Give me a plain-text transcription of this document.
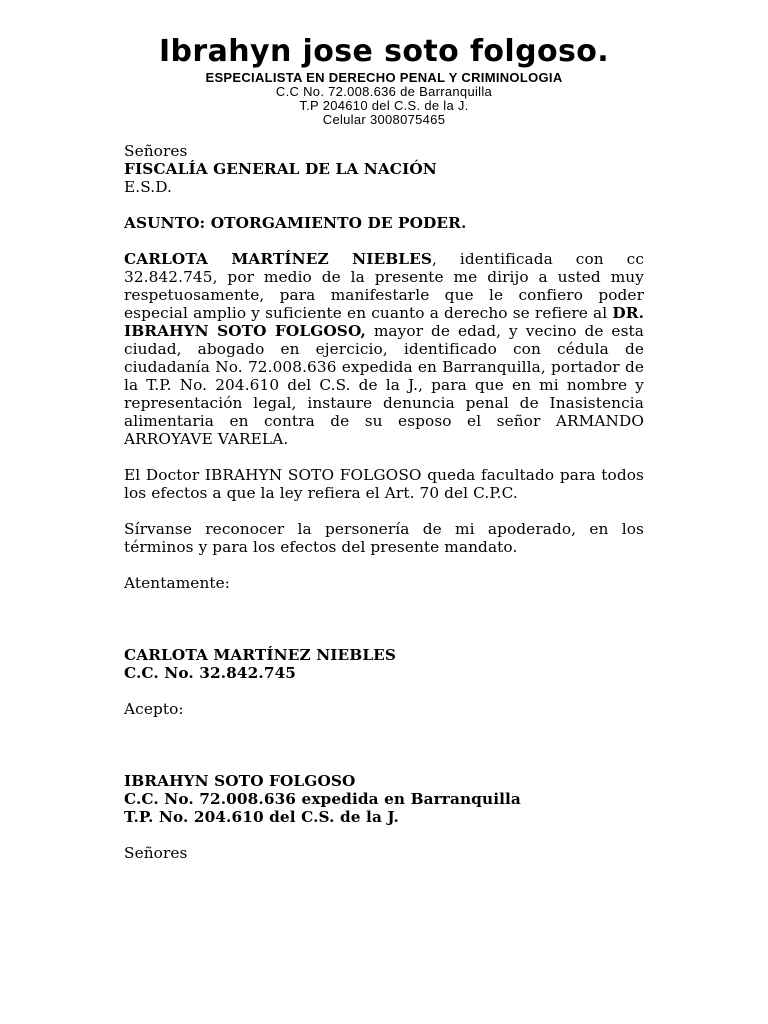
Ibrahyn jose soto folgoso.
ESPECIALISTA EN DERECHO PENAL Y CRIMINOLOGIA
C.C No. 72.008.636 de Barranquilla
T.P 204610 del C.S. de la J.
Celular 3008075465

Señores

FISCALÍA GENERAL DE LA NACIÓN

E.S.D.

ASUNTO: OTORGAMIENTO DE PODER.

CARLOTA MARTÍNEZ NIEBLES, identificada con cc 32.842.745, por medio de la presente me dirijo a usted muy respetuosamente, para manifestarle que le confiero poder especial amplio y suficiente en cuanto a derecho se refiere al DR. IBRAHYN SOTO FOLGOSO, mayor de edad, y vecino de esta ciudad, abogado en ejercicio, identificado con cédula de ciudadanía No. 72.008.636 expedida en Barranquilla, portador de la T.P. No. 204.610 del C.S. de la J., para que en mi nombre y representación legal, instaure denuncia penal de Inasistencia alimentaria en contra de su esposo el señor ARMANDO ARROYAVE VARELA.

El Doctor IBRAHYN SOTO FOLGOSO queda facultado para todos los efectos a que la ley refiera el Art. 70 del C.P.C.

Sírvanse reconocer la personería de mi apoderado, en los términos y para los efectos del presente mandato.

Atentamente:

CARLOTA MARTÍNEZ NIEBLES

C.C. No. 32.842.745

Acepto:

IBRAHYN SOTO FOLGOSO

C.C. No. 72.008.636 expedida en Barranquilla

T.P. No. 204.610 del C.S. de la J.

Señores
